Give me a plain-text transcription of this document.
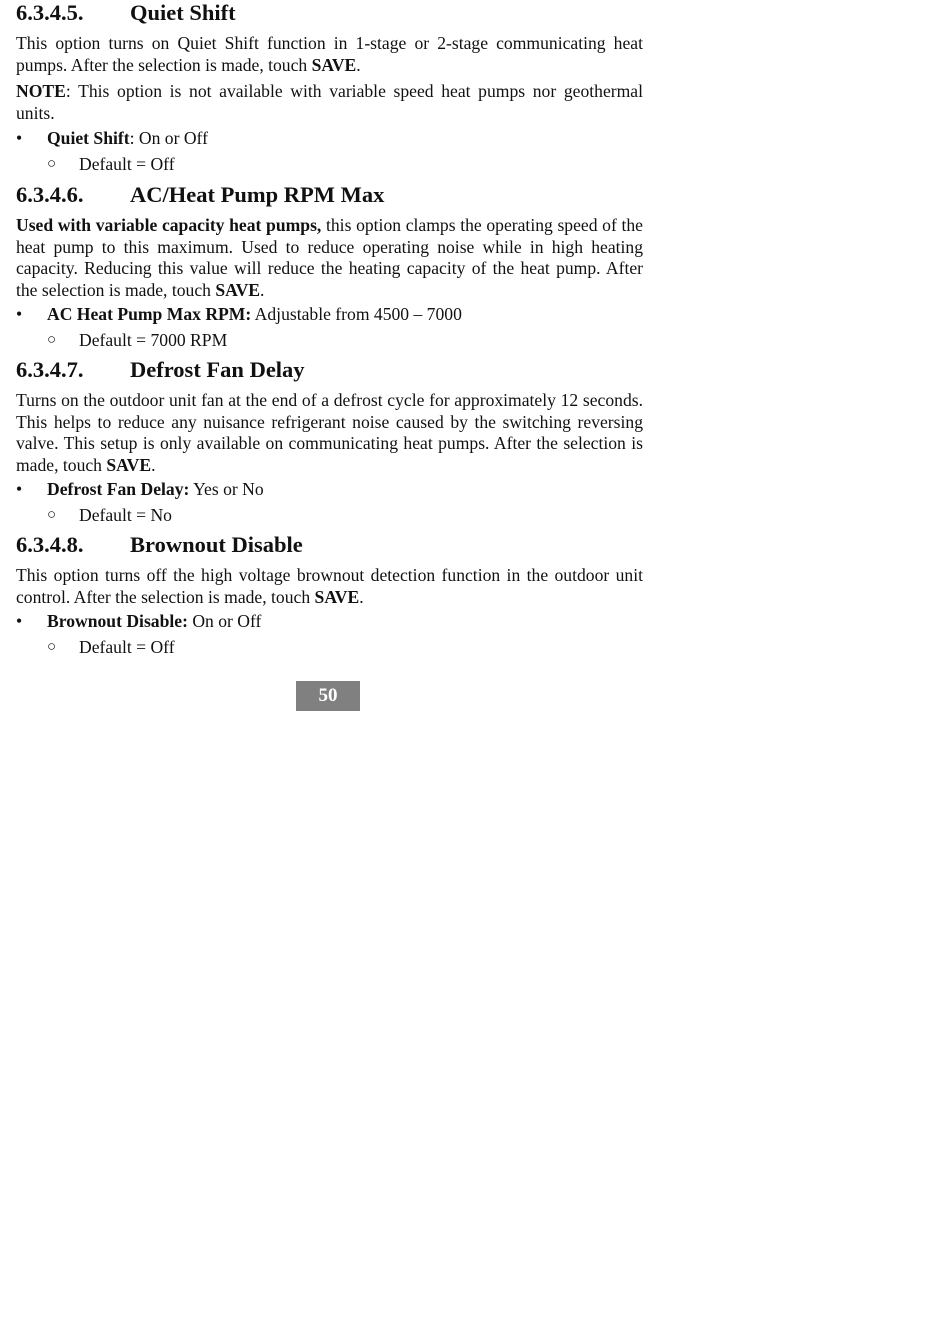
6.3.4.5. Quiet Shift

This option turns on Quiet Shift function in 1-stage or 2-stage communicating heat pumps. After the selection is made, touch SAVE.

NOTE: This option is not available with variable speed heat pumps nor geothermal units.

• Quiet Shift: On or Off

○ Default = Off

6.3.4.6. AC/Heat Pump RPM Max

Used with variable capacity heat pumps, this option clamps the operating speed of the heat pump to this maximum. Used to reduce operating noise while in high heating capacity. Reducing this value will reduce the heating capacity of the heat pump. After the selection is made, touch SAVE.

• AC Heat Pump Max RPM: Adjustable from 4500 – 7000

○ Default = 7000 RPM

6.3.4.7. Defrost Fan Delay

Turns on the outdoor unit fan at the end of a defrost cycle for approximately 12 seconds. This helps to reduce any nuisance refrigerant noise caused by the switching reversing valve. This setup is only available on communicating heat pumps. After the selection is made, touch SAVE.

• Defrost Fan Delay: Yes or No

○ Default = No

6.3.4.8. Brownout Disable

This option turns off the high voltage brownout detection function in the outdoor unit control. After the selection is made, touch SAVE.

• Brownout Disable: On or Off

○ Default = Off

50
